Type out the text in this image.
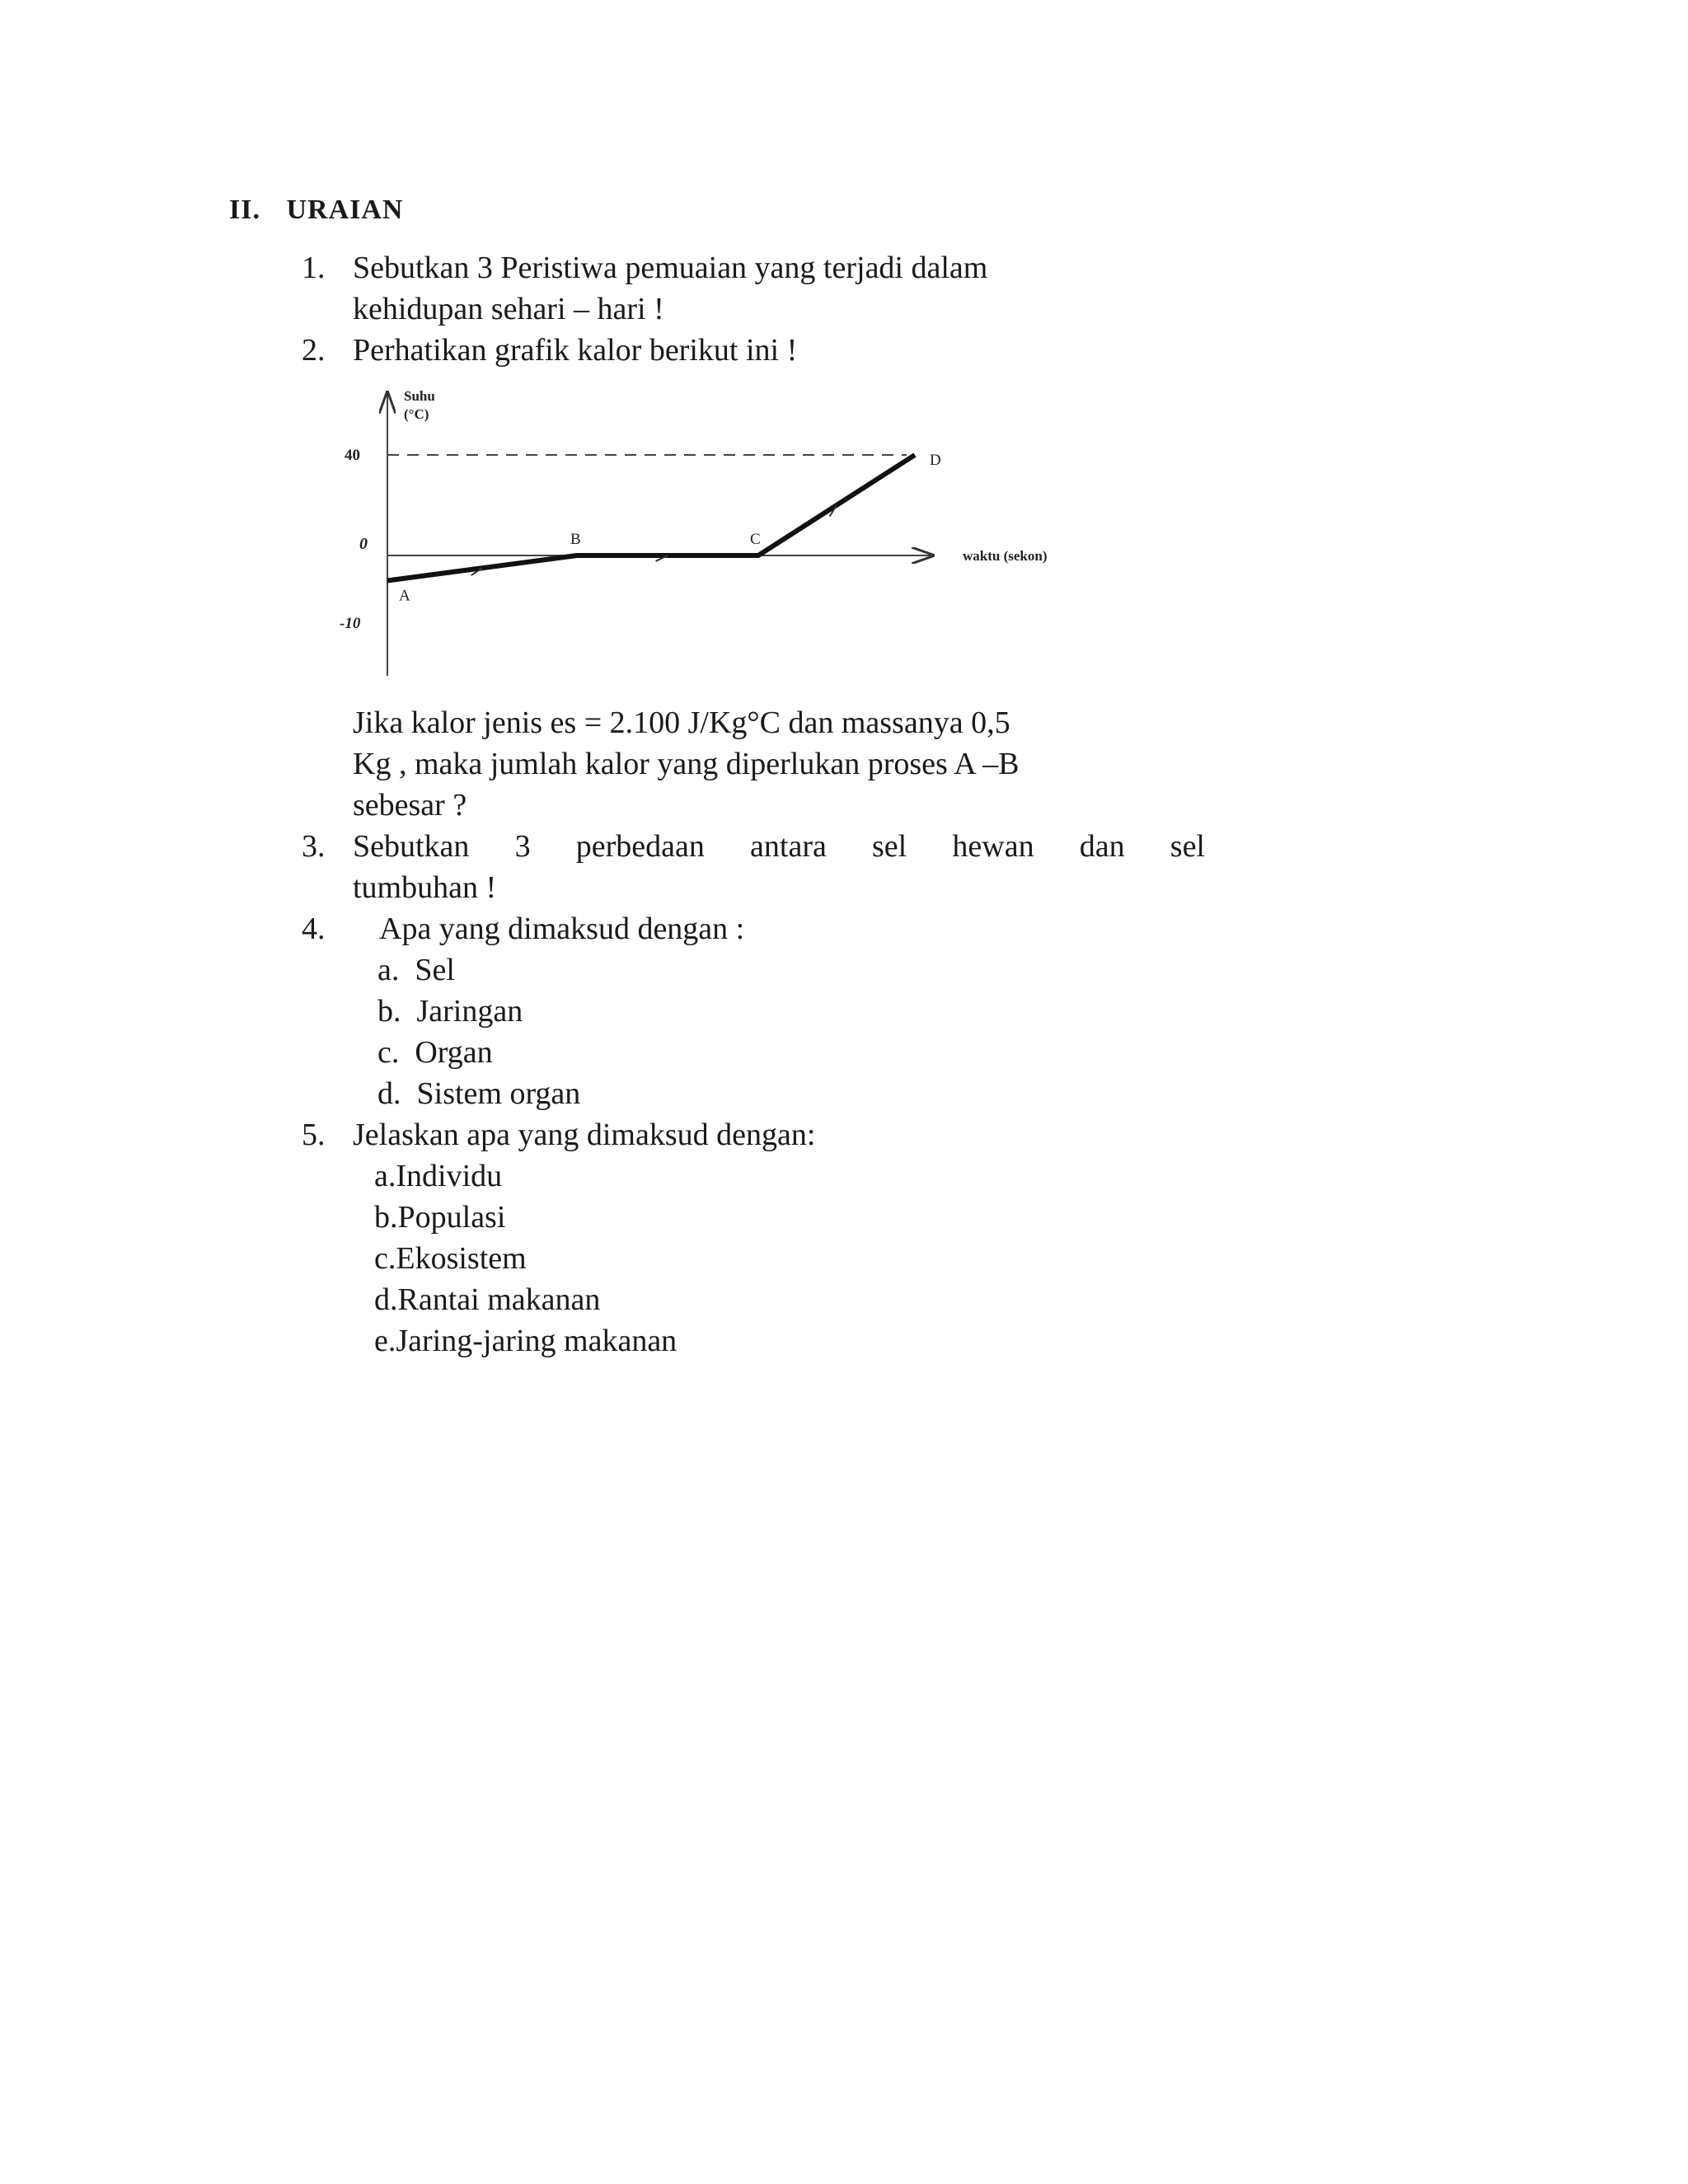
II. URAIAN
1. Sebutkan 3 Peristiwa pemuaian yang terjadi dalam
kehidupan sehari – hari !
2. Perhatikan grafik kalor berikut ini !
Suhu
(°C)
40
0
-10
waktu (sekon)
A
B	C
D
Jika kalor jenis es = 2.100 J/Kg°C dan massanya 0,5
Kg , maka jumlah kalor yang diperlukan proses A –B
sebesar ?
3. Sebutkan 3 perbedaan antara sel hewan dan sel
tumbuhan !
4. Apa yang dimaksud dengan :
a.  Sel
b.  Jaringan
c.  Organ
d.  Sistem organ
5. Jelaskan apa yang dimaksud dengan:
a.Individu
b.Populasi
c.Ekosistem
d.Rantai makanan
e.Jaring-jaring makanan
